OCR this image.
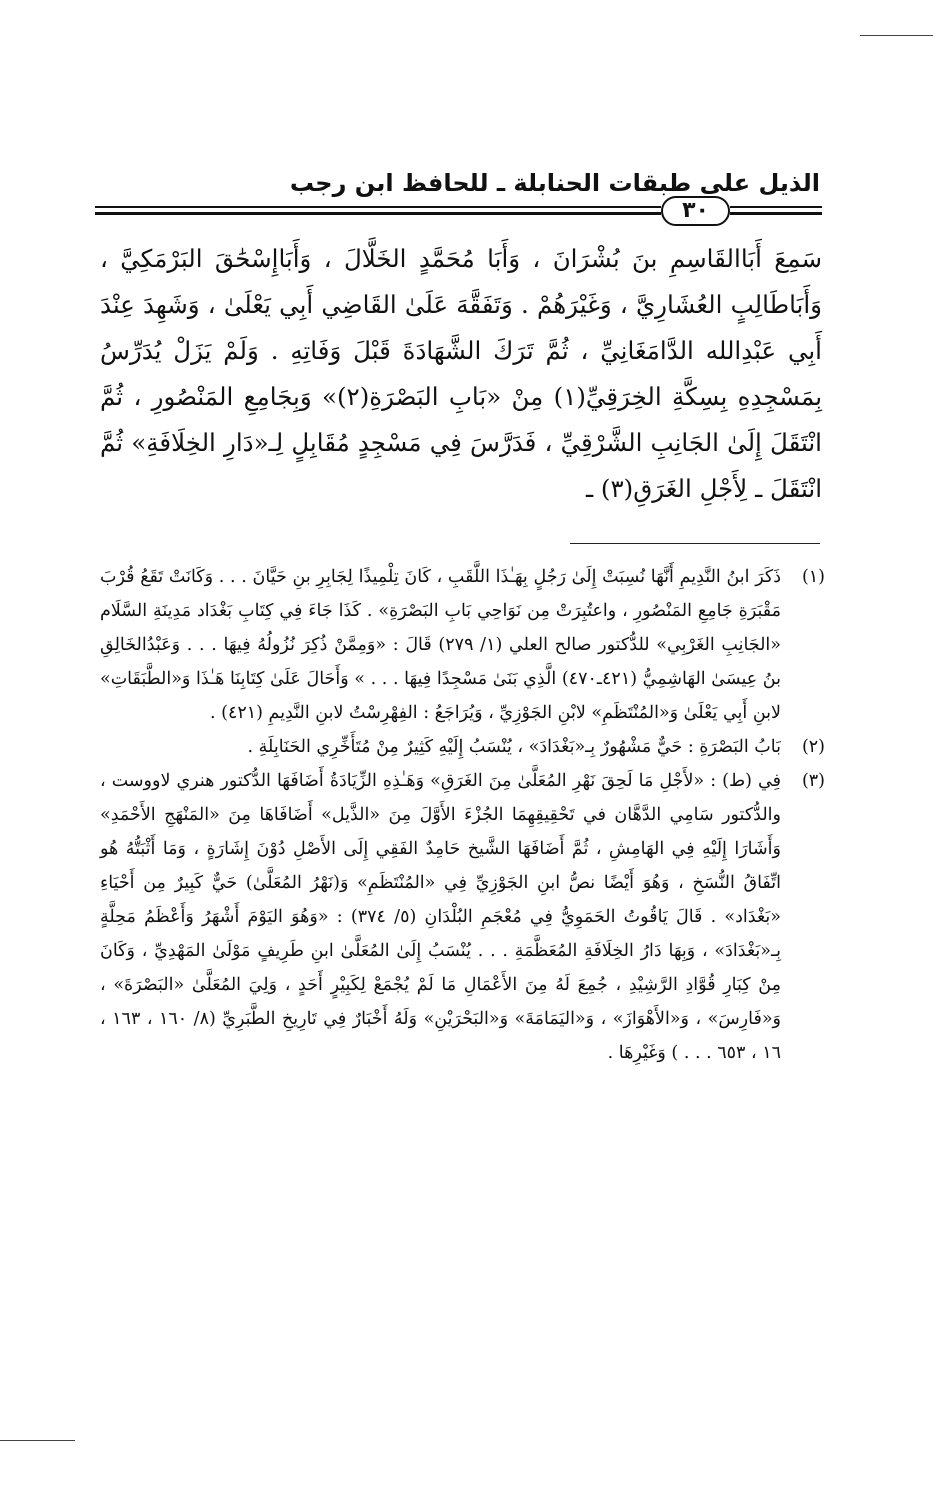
الذيل على طبقات الحنابلة ـ للحافظ ابن رجب
٣٠

سَمِعَ أَبَاالقَاسِمِ بنَ بُشْرَانَ ، وَأَبَا مُحَمَّدٍ الخَلَّالَ ، وَأَبَاإِسْحَٰقَ البَرْمَكِيَّ ، وَأَبَاطَالِبٍ العُشَارِيَّ ، وَغَيْرَهُمْ . وَتَفَقَّهَ عَلَىٰ القَاضِي أَبِي يَعْلَىٰ ، وَشَهِدَ عِنْدَ أَبِي عَبْدِالله الدَّامَغَانِيِّ ، ثُمَّ تَرَكَ الشَّهَادَةَ قَبْلَ وَفَاتِهِ . وَلَمْ يَزَلْ يُدَرِّسُ بِمَسْجِدِهِ بِسِكَّةِ الخِرَقِيِّ(١) مِنْ «بَابِ البَصْرَةِ(٢)» وَبِجَامِعِ المَنْصُورِ ، ثُمَّ انْتَقَلَ إِلَىٰ الجَانِبِ الشَّرْقِيِّ ، فَدَرَّسَ فِي مَسْجِدٍ مُقَابِلٍ لِـ«دَارِ الخِلَافَةِ» ثُمَّ انْتَقَلَ ـ لِأَجْلِ الغَرَقِ(٣) ـ

(١)
ذَكَرَ ابنُ النَّدِيمِ أَنَّهَا نُسِبَتْ إِلَىٰ رَجُلٍ بِهَـٰذَا اللَّقَبِ ، كَانَ تِلْمِيذًا لِجَابِرِ بنِ حَيَّانَ . . . وَكَانَتْ تَقَعُ قُرْبَ مَقْبَرَةِ جَامِعِ المَنْصُورِ ، واعتُبِرَتْ مِن نَوَاحِي بَابِ البَصْرَةِ» . كَذَا جَاءَ فِي كِتَابِ بَغْدَاد مَدِينَةِ السَّلَام «الجَانِبِ الغَرْبِي» للدُّكتور صالح العلي (١/ ٢٧٩) قَالَ : «وَمِمَّنْ ذُكِرَ نُزُولُهُ فِيهَا . . . وَعَبْدُالخَالِقِ بنُ عِيسَىٰ الهَاشِمِيُّ (٤٢١ـ٤٧٠) الَّذِي بَنَىٰ مَسْجِدًا فِيهَا . . . » وَأَحَالَ عَلَىٰ كِتَابِنَا هَـٰذَا وَ«الطَّبَقَاتِ» لابنِ أَبِي يَعْلَىٰ وَ«المُنْتَظَمِ» لابْنِ الجَوْزِيِّ ، وَيُرَاجَعُ : الفِهْرِسْتُ لابنِ النَّدِيمِ (٤٢١) .
(٢)
بَابُ البَصْرَةِ : حَيٌّ مَشْهُورٌ بِـ«بَغْدَادَ» ، يُنْسَبُ إِلَيْهِ كَثِيرٌ مِنْ مُتَأَخِّرِي الحَنَابِلَةِ .
(٣)
فِي (ط) : «لأَجْلِ مَا لَحِقَ نَهْرِ المُعَلَّىٰ مِنَ الغَرَقِ» وَهَـٰذِهِ الزِّيَادَةُ أَضَافَهَا الدُّكتور هنري لاووست ، والدُّكتور سَامِي الدَّهَّان في تَحْقِيقِهِمَا الجُزْءَ الأَوَّلَ مِنَ «الذَّيل» أَضَافَاهَا مِنَ «المَنْهَجِ الأَحْمَدِ» وَأَشَارَا إِلَيْهِ فِي الهَامِشِ ، ثُمَّ أَضَافَهَا الشَّيخ حَامِدٌ الفَقِي إِلَى الأَصْلِ دُوْنَ إِشَارَةٍ ، وَمَا أَثْبَتُّهُ هُو اتِّفَاقُ النُّسَخِ ، وَهُوَ أَيْضًا نصُّ ابنِ الجَوْزِيِّ فِي «المُنْتَظَمِ» وَ(نَهْرُ المُعَلَّىٰ) حَيٌّ كَبِيرٌ مِن أَحْيَاءِ «بَغْدَاد» . قَالَ يَاقُوتُ الحَمَوِيُّ فِي مُعْجَمِ البُلْدَانِ (٥/ ٣٧٤) : «وَهُوَ اليَوْمَ أَشْهَرُ وَأَعْظَمُ مَحِلَّةٍ بِـ«بَغْدَادَ» ، وَبِهَا دَارُ الخِلَافَةِ المُعَظَّمَةِ . . . يُنْسَبُ إِلَىٰ المُعَلَّىٰ ابنِ طَرِيفٍ مَوْلَىٰ المَهْدِيِّ ، وَكَانَ مِنْ كِبَارِ قُوَّادِ الرَّشِيْدِ ، جُمِعَ لَهُ مِنَ الأَعْمَالِ مَا لَمْ يُجْمَعْ لِكَبِيْرٍ أَحَدٍ ، وَلِيَ المُعَلَّىٰ «البَصْرَةَ» ، وَ«فَارِسَ» ، وَ«الأَهْوَازَ» ، وَ«اليَمَامَةَ» وَ«البَحْرَيْنِ» وَلَهُ أَخْبَارٌ فِي تَارِيخِ الطَّبَرِيِّ (٨/ ١٦٠ ، ١٦٣ ، ١٦ ، ٦٥٣ . . . ) وَغَيْرِهَا .
